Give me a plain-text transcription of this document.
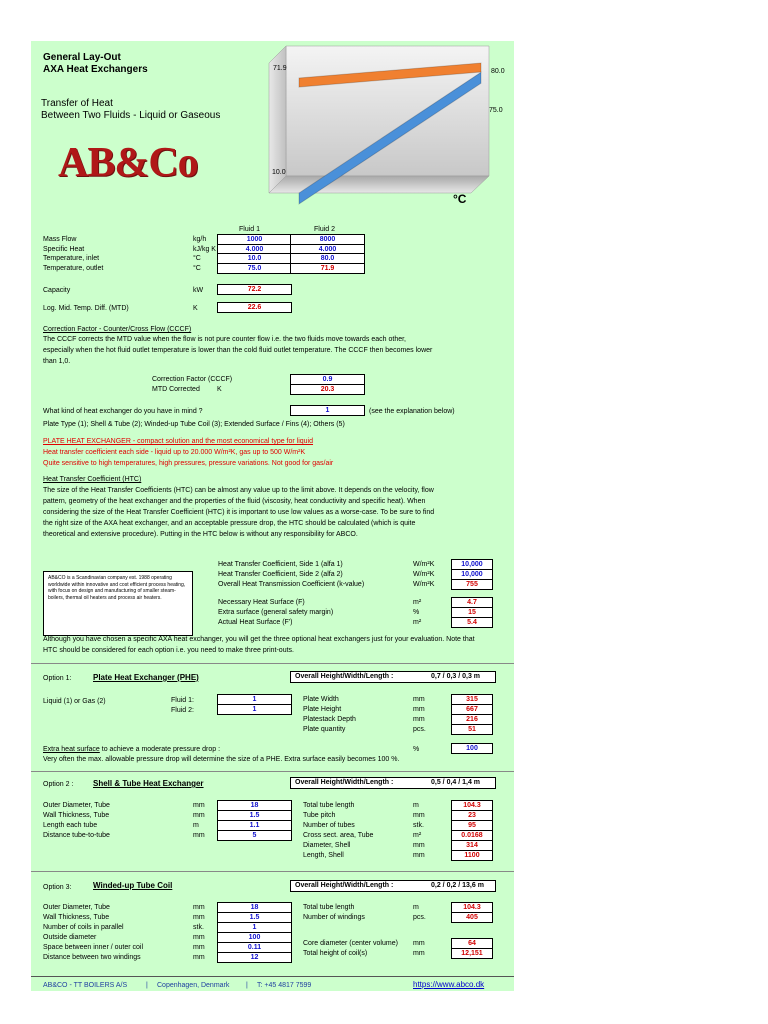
General Lay-Out
AXA Heat Exchangers
Transfer of Heat
Between Two Fluids - Liquid or Gaseous
AB&Co
71.9	80.0
75.0
10.0
°C
Fluid 1	Fluid 2
Mass Flow	kg/h	1000	8000
Specific Heat	kJ/kg K	4.000	4.000
Temperature, inlet	°C	10.0	80.0
Temperature, outlet	°C	75.0	71.9
Capacity	kW	72.2
Log. Mid. Temp. Diff. (MTD)	K	22.6
Correction Factor - Counter/Cross Flow (CCCF)
The CCCF corrects the MTD value when the flow is not pure counter flow i.e. the two fluids move towards each other, especially when the hot fluid outlet temperature is lower than the cold fluid outlet temperature. The CCCF then becomes lower than 1,0.
Correction Factor (CCCF)	0.9
MTD Corrected K	20.3
What kind of heat exchanger do you have in mind ?	1	(see the explanation below)
Plate Type (1); Shell & Tube (2); Winded-up Tube Coil (3); Extended Surface / Fins (4); Others (5)
PLATE HEAT EXCHANGER - compact solution and the most economical type for liquid
Heat transfer coefficient each side - liquid up to 20.000 W/m²K, gas up to 500 W/m²K
Quite sensitive to high temperatures, high pressures, pressure variations. Not good for gas/air
Heat Transfer Coefficient (HTC)
The size of the Heat Transfer Coefficients (HTC) can be almost any value up to the limit above. It depends on the velocity, flow pattern, geometry of the heat exchanger and the properties of the fluid (viscosity, heat conductivity and specific heat). When considering the size of the Heat Transfer Coefficient (HTC) it is important to use low values as a worse-case. To be sure to find the right size of the AXA heat exchanger, and an acceptable pressure drop, the HTC should be calculated (which is quite theoretical and extensive procedure). Putting in the HTC below is without any responsibility for ABCO.
AB&CO is a Scandinavian company est. 1988 operating worldwide within innovative and cost efficient process heating, with focus on design and manufacturing of smaller steam-boilers, thermal oil heaters and process air heaters.
Heat Transfer Coefficient, Side 1 (alfa 1)	W/m²K	10,000
Heat Transfer Coefficient, Side 2 (alfa 2)	W/m²K	10,000
Overall Heat Transmission Coefficient (k-value)	W/m²K	755
Necessary Heat Surface (F)	m²	4.7
Extra surface (general safety margin)	%	15
Actual Heat Surface (F')	m²	5.4
Although you have chosen a specific AXA heat exchanger, you will get the three optional heat exchangers just for your evaluation. Note that HTC should be considered for each option i.e. you need to make three print-outs.
Option 1:	Plate Heat Exchanger (PHE)	Overall Height/Width/Length :	0,7 / 0,3 / 0,3 m
Liquid (1) or Gas (2)	Fluid 1:	1
Fluid 2:	1
Plate Width	mm	315
Plate Height	mm	667
Platestack Depth	mm	216
Plate quantity	pcs.	51
Extra heat surface to achieve a moderate pressure drop :	%	100
Very often the max. allowable pressure drop will determine the size of a PHE. Extra surface easily becomes 100 %.
Option 2 : Shell & Tube Heat Exchanger	Overall Height/Width/Length :	0,5 / 0,4 / 1,4 m
Outer Diameter, Tube	mm	18
Wall Thickness, Tube	mm	1.5
Length each tube	m	1.1
Distance tube-to-tube	mm	5
Total tube length	m	104.3
Tube pitch	mm	23
Number of tubes	stk.	95
Cross sect. area, Tube	m²	0.0168
Diameter, Shell	mm	314
Length, Shell	mm	1100
Option 3:	Winded-up Tube Coil	Overall Height/Width/Length :	0,2 / 0,2 / 13,6 m
Outer Diameter, Tube	mm	18
Wall Thickness, Tube	mm	1.5
Number of coils in parallel	stk.	1
Outside diameter	mm	100
Space between inner / outer coil	mm	0.11
Distance between two windings	mm	12
Total tube length	m	104.3
Number of windings	pcs.	405
Core diameter (center volume) mm	64
Total height of coil(s)	mm	12,151
AB&CO - TT BOILERS A/S	| Copenhagen, Denmark | T: +45 4817 7599	https://www.abco.dk
